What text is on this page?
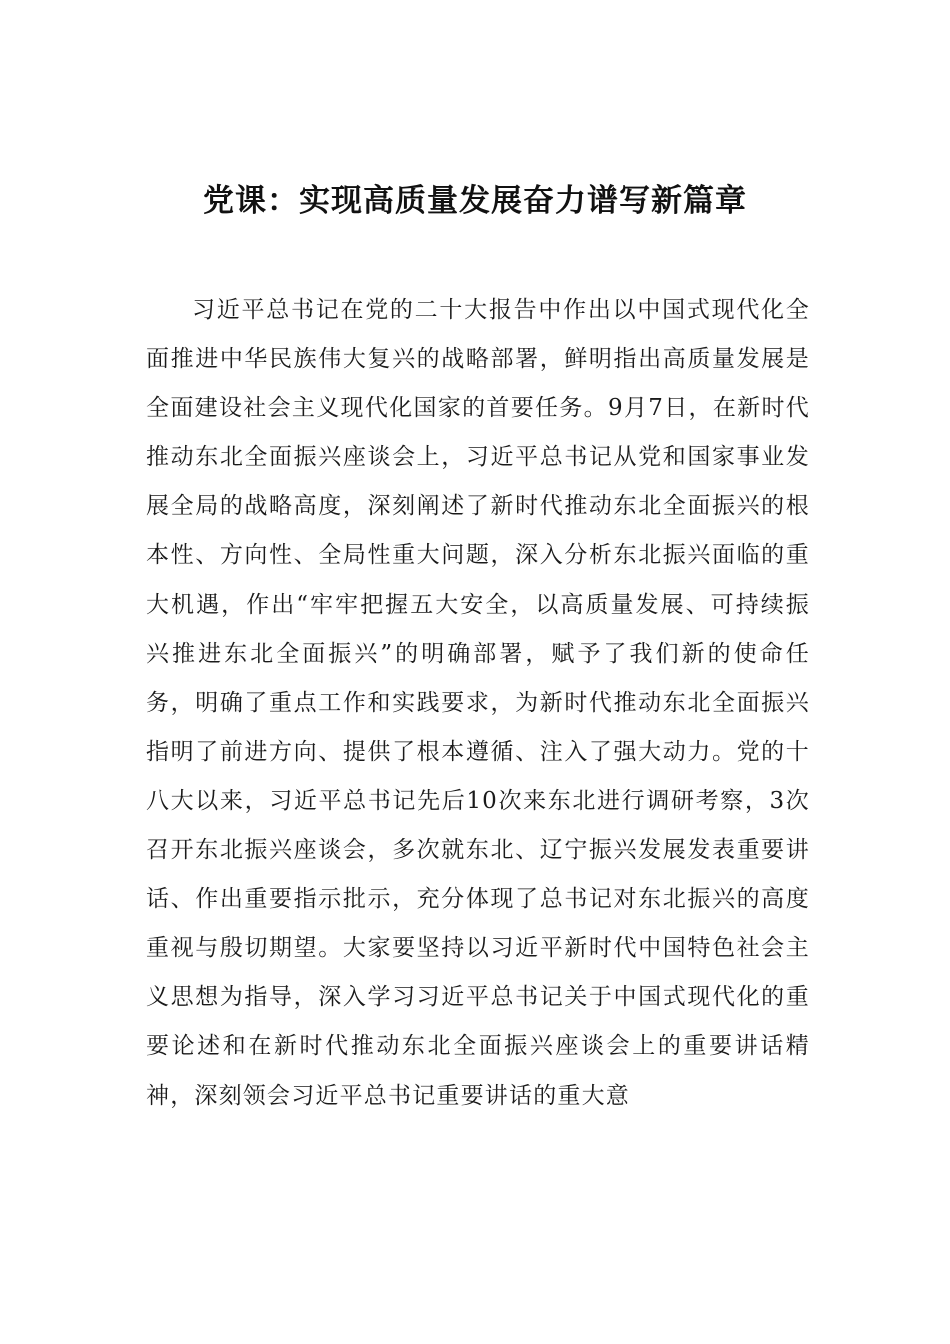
党课：实现高质量发展奋力谱写新篇章

习近平总书记在党的二十大报告中作出以中国式现代化全面推进中华民族伟大复兴的战略部署，鲜明指出高质量发展是全面建设社会主义现代化国家的首要任务。9月7日，在新时代推动东北全面振兴座谈会上，习近平总书记从党和国家事业发展全局的战略高度，深刻阐述了新时代推动东北全面振兴的根本性、方向性、全局性重大问题，深入分析东北振兴面临的重大机遇，作出“牢牢把握五大安全，以高质量发展、可持续振兴推进东北全面振兴”的明确部署，赋予了我们新的使命任务，明确了重点工作和实践要求，为新时代推动东北全面振兴指明了前进方向、提供了根本遵循、注入了强大动力。党的十八大以来，习近平总书记先后10次来东北进行调研考察，3次召开东北振兴座谈会，多次就东北、辽宁振兴发展发表重要讲话、作出重要指示批示，充分体现了总书记对东北振兴的高度重视与殷切期望。大家要坚持以习近平新时代中国特色社会主义思想为指导，深入学习习近平总书记关于中国式现代化的重要论述和在新时代推动东北全面振兴座谈会上的重要讲话精神，深刻领会习近平总书记重要讲话的重大意
